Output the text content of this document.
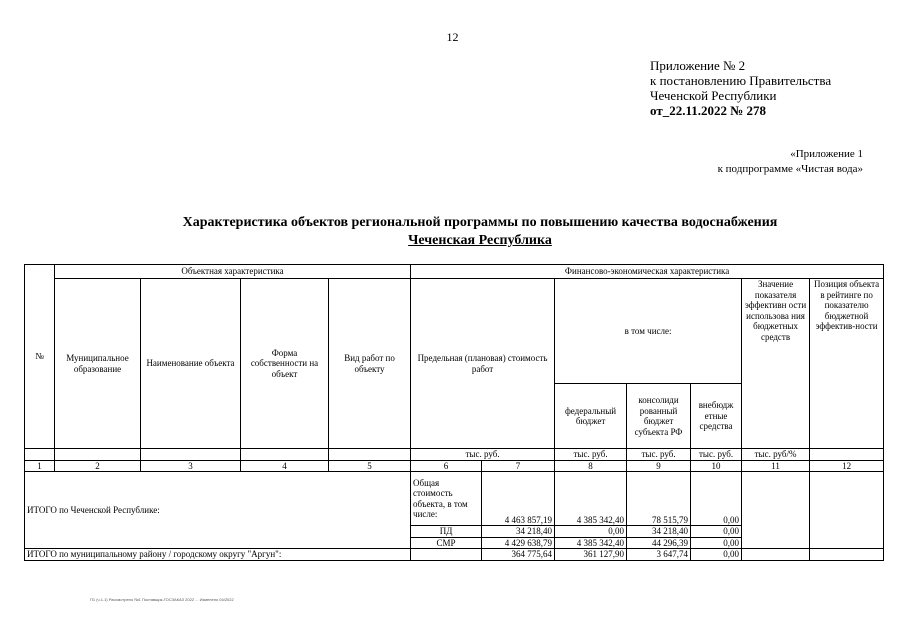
12
Приложение № 2
к постановлению Правительства
Чеченской Республики
от_22.11.2022 № 278
«Приложение 1
к подпрограмме «Чистая вода»
Характеристика объектов региональной программы по повышению качества водоснабжения
Чеченская Республика
№	Объектная характеристика				Финансово-экономическая характеристика						
	Муниципальное образование	Наименование объекта	Форма собственности на объект	Вид работ по объекту	Предельная (плановая) стоимость работ		в том числе:			Значение показателя эффективн ости использова ния бюджетных средств	Позиция объекта в рейтинге по показателю бюджетной эффектив-ности
							федеральный бюджет	консолиди рованный бюджет субъекта РФ	внебюдж етные средства		
					тыс. руб.		тыс. руб.	тыс. руб.	тыс. руб.	тыс. руб/%	
1	2	3	4	5	6	7	8	9	10	11	12
ИТОГО по Чеченской Республике:					Общая стоимость объекта, в том числе:	4 463 857,19	4 385 342,40	78 515,79	0,00		
					ПД	34 218,40	0,00	34 218,40	0,00		
					СМР	4 429 638,79	4 385 342,40	44 296,39	0,00		
ИТОГО по муниципальному району / городскому округу "Аргун":						364 775,64	361 127,90	3 647,74	0,00		
П1 (ч.1.1) Рассмотрено №1 Поставщик-ГОСЗАКАЗ 2022 ... Изменено 04/2022
